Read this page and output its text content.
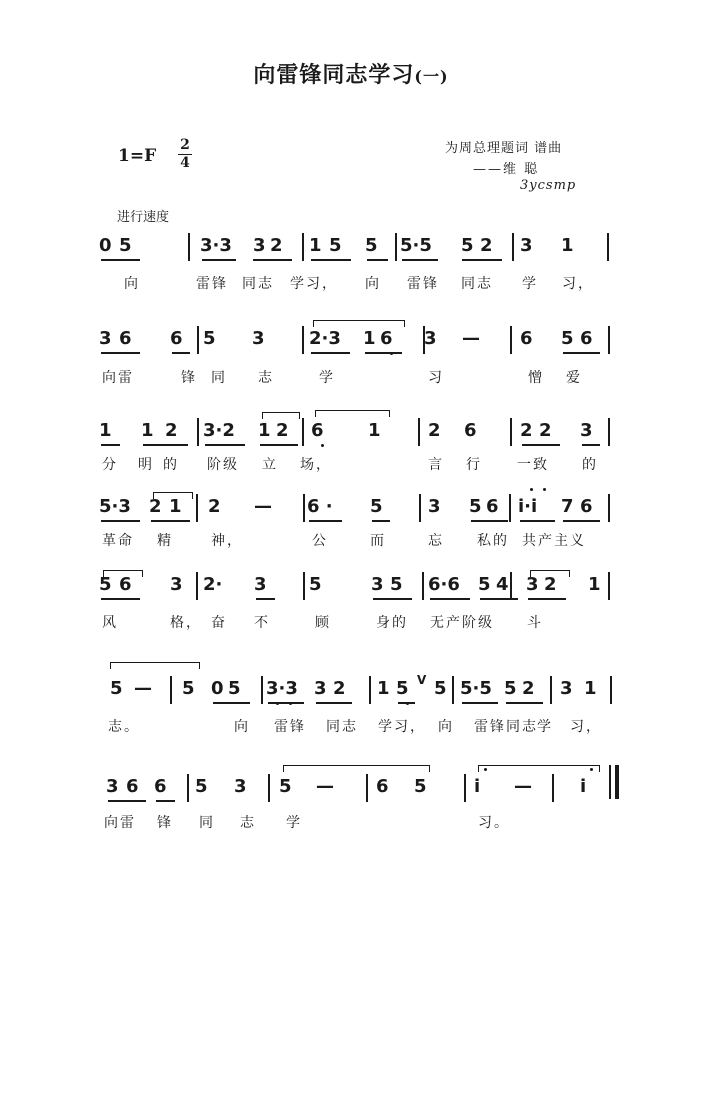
向雷锋同志学习(一)
1=F
2
4
为周总理题词 谱曲
——维 聪
3ycsmp
进行速度
0 5	3·3 3 2 1 5 5 5·5 5 2 3 1
向	雷锋 同志 学习， 向 雷锋 同志 学 习，
3 6 6 5 3 2·3 1 6 3 — 6 5 6
向雷	锋 同 志	学	习	憎 爱
1 1 2 3·2 1 2 6 1	2 6 2 2 3
分 明 的 阶级 立 场，	言 行	一致 的
5·3 2 1 2 — 6 · 5	3 5 6 i·i 7 6
革命 精	神，	公	而	忘 私的 共产主义
5 6 3 2· 3 5	3 5 6·6 5 4 3 2 1
风	格， 奋 不	顾	身的 无产阶级 斗
5 — 5 0 5 3·3 3 2 1 5 5 5·5 5 2 3 1
志。	向 雷锋 同志 学习， 向 雷锋同志 学 习，
3 6 6 5 3 5 — 6 5	i —	i
向雷 锋 同 志 学	习。
V
